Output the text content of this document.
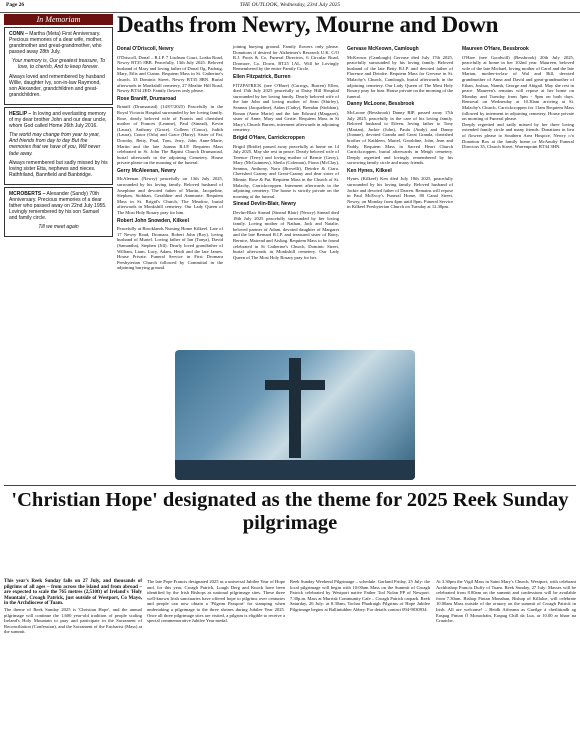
Page 26	THE OUTLOOK, Wednesday, 23rd July 2025
In Memoriam

CONN – Martha (Meta) First Anniversary. Precious memories of a dear wife, mother, grandmother and great-grandmother, who passed away 28th July.

Your memory is, Our greatest treasure, To love, to cherish, And to keep forever.

Always loved and remembered by husband Willie, daughter Ivy, son-in-law Raymond, son Alexander, grandchildren and great-grandchildren.

HESLIP – In loving and everlasting memory of my dear brother John and our dear uncle, whom God called Home 26th July 2016.

The world may change from year to year, And friends from day to day But the memories that we have of you, Will never fade away.

Always remembered but sadly missed by his loving sister Etta, nephews and nieces. Rathfriland, Bannfield and Banbridge.

MCROBERTS – Alexander (Sandy) 70th Anniversary. Precious memories of a dear father who passed away on 22nd July 1955. Lovingly remembered by his son Samuel and family circle.

Till we meet again

Deaths from Newry, Mourne and Down
Donal O'Driscoll, Newry

O'Driscoll, Donal – R.I.P. 7 Lisdrum Court, Loaka Road, Newry BT35 8BB. Peacefully, 13th July 2025. Beloved husband of Mary and loving father of Donal Og, Padraig, Mary, Eilis and Ciaran. Requiem Mass in St. Catherine's church, 33 Dominic Street, Newry BT35 8BN. Burial afterwards in Monkshill cemetery, 27 Mealtie Hill Road, Newry BT34 2ED. Family flowers only please.

Rose Braniff, Drumaroad

Braniff (Drumaroad) (14/07/2025) Peacefully in the Royal Victoria Hospital surrounded by her loving family. Rose, dearly beloved wife of Francis and cherished mother of Frances (Leanne), Paul (Sinead), Kevin (Laura), Anthony (Grace), Colleen (Conor), Judith (Laura), Conor (Orla) and Grace (Harry). Sister of Pat, Dorothy, Betty, Paul, Tom, Jerry, John Anne-Marie, Martin and the late Joanna R.I.P. Requiem Mass celebrated in St. John The Baptist Church Drumaroad, burial afterwards in the adjoining Cemetery. House private please on the morning of the funeral.

Gerry McAleenan, Newry

McAleenan (Newry) peacefully on 13th July 2025, surrounded by his loving family. Beloved husband of Josephine and devoted father of Martin, Jacqueline, Stephen, Siobhan, Geraldine and Annmarie. Requiem Mass in St. Brigid's Church, The Meadow, burial afterwards in Monkshill cemetery. Our Lady Queen of The Most Holy Rosary pray for him.

Robert John Snowden, Kilkeel

Peacefully at Brooklands Nursing Home Kilkeel. Late of 17 Newry Road, Dromara. Robert John (Roy), loving husband of Muriel. Loving father of Ian (Tanya), David (Samantha), Stephen (Jill). Dearly loved grandfather of William, Liam, Lucy, Adam, Heidi and the late James. House Private. Funeral Service in First Dromara Presbyterian Church followed by Committal in the adjoining burying ground.

joining burying ground. Family flowers only please. Donations if desired for Alzheimer's Research U.K. C/O R.J. Poots & Co, Funeral Directors, 6 Circular Road, Dromore, Co. Down, BT25 1AL. Will be Lovingly Remembered by the entire Family Circle.

Ellen Fitzpatrick, Burren

FITZPATRICK (nee O'Hare) (Carrogs, Burren) Ellen, died 15th July 2025 peacefully at Daisy Hill Hospital surrounded by her loving family. Dearly beloved wife of the late John and loving mother of Sean (Shirley), Seamus (Jacqueline), Aidan (Cathy), Brendan (Siobhan), Ronan (Anne Marie) and the late Edward (Margaret), sister of Anne, Mary and Gertie. Requiem Mass in St Mary's Church Burren, interment afterwards in adjoining cemetery.

Brigid O'Hare, Carrickcroppen

Brigid (Bridie) passed away peacefully at home on 14 July 2025. May she rest in peace. Dearly beloved wife of Terence (Terry) and loving mother of Bernie (Gerry), Mary (McGuinness), Sheila (Coleman), Fiona (McClay), Seamus, Anthony, Nora (Brovelli), Deirdre & Ciara. Cherished Granny and Great-Granny and dear sister of Minnie, Rose & Pat. Requiem Mass in the Church of St. Malachy, Carrickcroppen. Interment afterwards in the adjoining cemetery. The house is strictly private on the morning of the funeral.

Sinead Devlin-Blair, Newry

Devlin-Blair Sinead (Sinead Blair) (Newry) Sinead died 18th July 2025 peacefully surrounded by her loving family. Loving mother of Nathan, Jack and Natalie, beloved partner of Adam, devoted daughter of Margaret and the late Bernard R.I.P. and treasured sister of Barry, Bernice, Mairead and Aisling. Requiem Mass to be found celebrated in St Catherine's Church, Dominic Street, burial afterwards in Monkshill cemetery. Our Lady Queen of The Most Holy Rosary pray for her.

Gervase McKeown, Camlough

McKeown (Camlough) Gervase died July 17th 2025, peacefully surrounded by his loving family. Beloved husband of the late Betty R.I.P. and devoted father of Florence and Deirdre. Requiem Mass for Gervase in St. Malachy's Church, Camlough, burial afterwards in the adjoining cemetery. Our Lady Queen of The Most Holy Rosary pray for him. House private on the morning of the funeral.

Danny McLoone, Bessbrook

McLoone (Bessbrook) Danny RIP, passed away 17th July 2025, peacefully in the care of his loving family. Beloved husband to Eileen, loving father to Tony (Marian), Jackie (John), Paula (Andy) and Danny (Joanne), devoted Granda and Great Granda, cherished brother of Kathleen, Mariel, Geraldine, John, Jean and Paddy. Requiem Mass in Sacred Heart Church Carrickcroppen, burial afterwards in Meigh cemetery. Deeply regretted and lovingly remembered by his sorrowing family circle and many friends.

Ken Hynes, Kilkeel

Hynes (Kilkeel) Ken died July 18th 2025, peacefully surrounded by his loving family. Beloved husband of Jackie and devoted father of Darren. Remains will repose in Paul McEvoy's Funeral Home, 80 Canal Street, Newry, on Monday from 4pm until 8pm. Funeral Service in Kilkeel Presbyterian Church on Tuesday at 12.30pm.

Maureen O'Hare, Bessbrook

O'Hare (nee Goodwill) (Bessbrook) 20th July 2025, peacefully at home in her 102nd year. Maureen, beloved wife of the late Michael, loving mother of Carol and the late Marian, mother-in-law of Wal and Bill, devoted grandmother of Anna and David and great-grandmother of Ethan, Joshua, Niamh, George and Abigail. May she rest in peace. Maureen's remains will repose at her home on Monday and Tuesday from 5pm - 9pm on both days. Removal on Wednesday at 10.30am arriving at St. Malachy's Church, Carrickcroppen for 11am Requiem Mass followed by interment in adjoining cemetery. House private on morning of Funeral please.

Deeply regretted and sadly missed by her three loving extended family circle and many friends. Donations in lieu of flowers please to Southern Area Hospice, Newry c/o Donation Box at the family home or McAnulty Funeral Directors 35, Church Street, Warrenpoint BT34 3HN.

'Christian Hope' designated as the theme for 2025 Reek Sunday pilgrimage

This year's Reek Sunday falls on 27 July, and thousands of pilgrims of all ages – from across the island and from abroad – are expected to scale the 765 metres (2,510ft) of Ireland's 'Holy Mountain', Croagh Patrick, just outside of Westport, Co Mayo, in the Archdiocese of Tuam.

The theme of Reek Sunday 2025 is 'Christian Hope', and the annual pilgrimage will continue the 1,600 year-old tradition of people scaling Ireland's Holy Mountain to pray and participate in the Sacrament of Reconciliation (Confession), and the Sacrament of the Eucharist (Mass) at the summit.

The late Pope Francis designated 2025 as a universal Jubilee Year of Hope and, for this year, Croagh Patrick, Lough Derg and Knock have been identified by the Irish Bishops as national pilgrimage sites. These three well-known Irish sanctuaries have offered hope to pilgrims over centuries and people can now obtain a 'Pilgrim Passport' for stamping when undertaking a pilgrimage to the three shrines during Jubilee Year 2025. Once all three pilgrimage sites are visited, a pilgrim is eligible to receive a special commemorative Jubilee Year medal.

Reek Sunday Weekend Pilgrimage – schedule. Garland Friday, 25 July: the local pilgrimage will begin with 10:00am Mass on the Summit of Croagh Patrick celebrated by Westport native Father Tod Nolan PP of Newport. 7.30p.m. Mass at Murrisk Community Cafe – Croagh Patrick carpark. Reek Saturday, 26 July: at 8.30am, Tochar Phadraigh Pilgrims of Hope Jubilee Pilgrimage begins at Ballintubber Abbey. For details contact 094-9030934.

At 3.30pm the Vigil Mass in Saint Mary's Church, Westport, with celebrant Archbishop Francis Duffy of Tuam. Reek Sunday, 27 July: Masses will be celebrated from 8.00am on the summit and confessions will be available from 7.30am. Bishop Fintan Monahan, Bishop of Killaloe, will celebrate 10.00am Mass outside of the oratory on the summit of Croagh Patrick in Irish. All are welcome! – Beidh Aifreann as Gaeilge á cheiliúradh ag Easpag Fintan Ó Monacháin, Easpag Chill da Lua, ar 10.00 ar bharr na Cruaiche.
